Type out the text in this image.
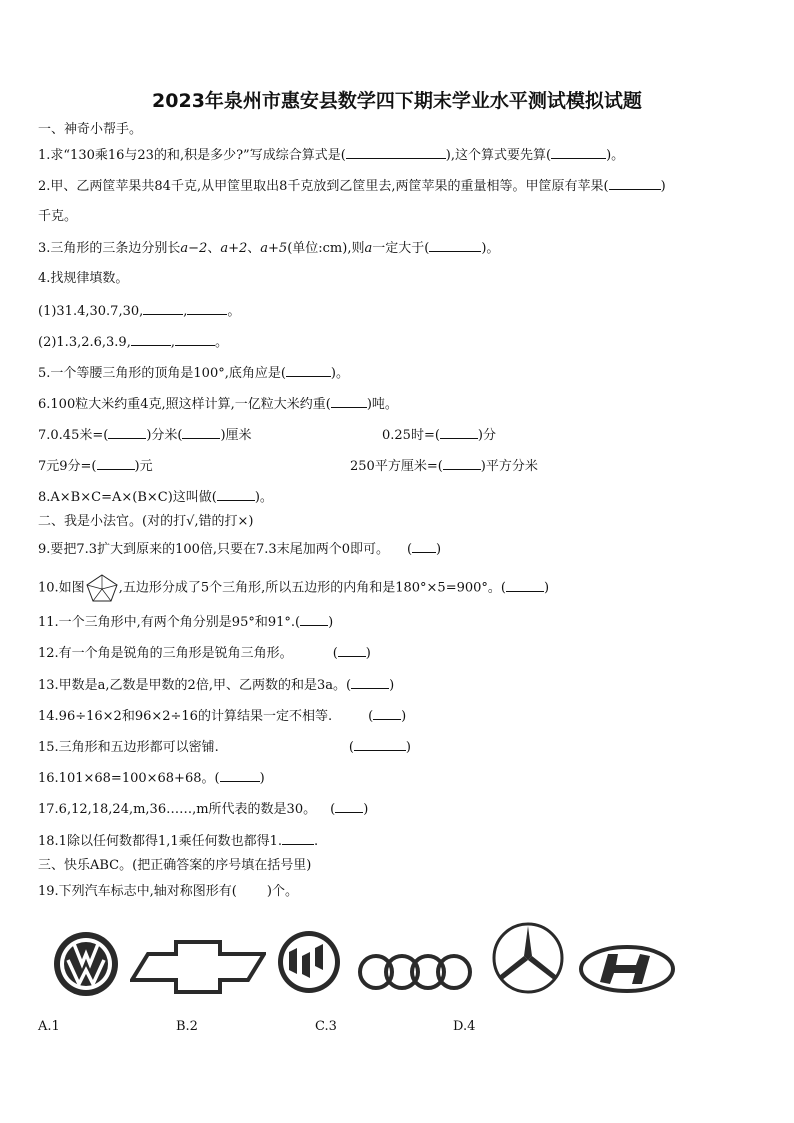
2023年泉州市惠安县数学四下期末学业水平测试模拟试题
一、神奇小帮手。
1.求“130乘16与23的和,积是多少?”写成综合算式是(	),这个算式要先算(	)。
2.甲、乙两筐苹果共84千克,从甲筐里取出8千克放到乙筐里去,两筐苹果的重量相等。甲筐原有苹果(	)
千克。
3.三角形的三条边分别长a−2、a+2、a+5(单位:cm),则a一定大于(	)。
4.找规律填数。
(1)31.4,30.7,30,	,	。
(2)1.3,2.6,3.9,	,	。
5.一个等腰三角形的顶角是100°,底角应是(	)。
6.100粒大米约重4克,照这样计算,一亿粒大米约重(	)吨。
7.0.45米=(	)分米(	)厘米	0.25时=(	)分
7元9分=(	)元	250平方厘米=(	)平方分米
8.A×B×C=A×(B×C)这叫做(	)。
二、我是小法官。(对的打√,错的打×)
9.要把7.3扩大到原来的100倍,只要在7.3末尾加两个0即可。 ( )
10.如图	,五边形分成了5个三角形,所以五边形的内角和是180°×5=900°。(	)
11.一个三角形中,有两个角分别是95°和91°.( )
12.有一个角是锐角的三角形是锐角三角形。	( )
13.甲数是a,乙数是甲数的2倍,甲、乙两数的和是3a。(	)
14.96÷16×2和96×2÷16的计算结果一定不相等.	( )
15.三角形和五边形都可以密铺.	(	)
16.101×68=100×68+68。(	)
17.6,12,18,24,m,36……,m所代表的数是30。 ( )
18.1除以任何数都得1,1乘任何数也都得1. .
三、快乐ABC。(把正确答案的序号填在括号里)
19.下列汽车标志中,轴对称图形有( )个。
A.1	B.2	C.3	D.4
